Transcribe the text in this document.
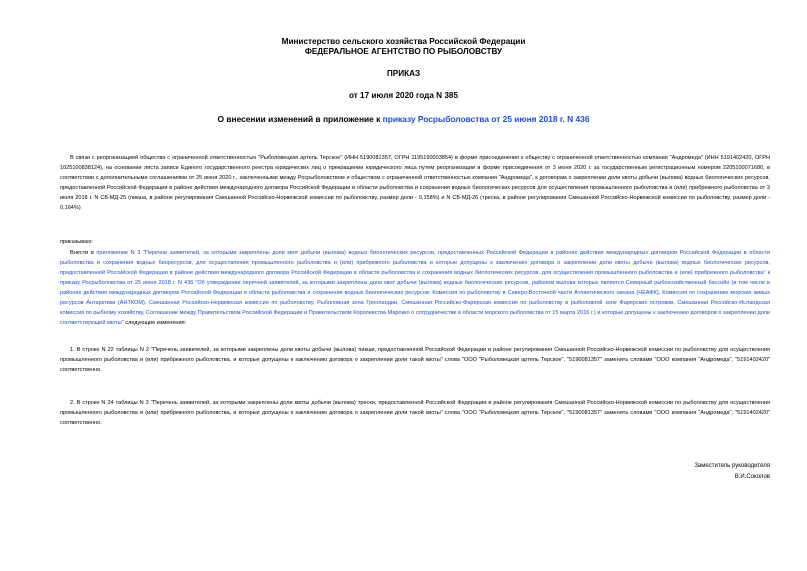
Министерство сельского хозяйства Российской Федерации
ФЕДЕРАЛЬНОЕ АГЕНТСТВО ПО РЫБОЛОВСТВУ
ПРИКАЗ
от 17 июля 2020 года N 385
О внесении изменений в приложение к приказу Росрыболовства от 25 июня 2018 г. N 436
В связи с реорганизацией общества с ограниченной ответственностью "Рыболовецкая артель Терское" (ИНН 5190081357, ОГРН 1195190003854) в форме присоединения к обществу с ограниченной ответственностью компания "Андромеда" (ИНН 5191402420, ОГРН 1025100838124), на основании листа записи Единого государственного реестра юридических лиц о прекращении юридического лица путем реорганизации в форме присоединения от 3 июня 2020 г. за государственным регистрационным номером 2205100071680, в соответствии с дополнительными соглашениями от 25 июня 2020 г., заключенными между Росрыболовством и обществом с ограниченной ответственностью компания "Андромеда", к договорам о закреплении доли квоты добычи (вылова) водных биологических ресурсов, предоставленной Российской Федерации в районе действия международного договора Российской Федерации в области рыболовства и сохранения водных биологических ресурсов для осуществления промышленного рыболовства и (или) прибрежного рыболовства от 3 июля 2018 г. N СБ-МД-25 (пикша, в районе регулирования Смешанной Российско-Норвежской комиссии по рыболовству, размер доли - 0,158%) и N СБ-МД-26 (треска, в районе регулирования Смешанной Российско-Норвежской комиссии по рыболовству, размер доли - 0,164%)
приказываю:
Внести в приложение N 3 "Перечни заявителей, за которыми закреплены доли квот добычи (вылова) водных биологических ресурсов, предоставленных Российской Федерации в районах действия международных договоров Российской Федерации в области рыболовства и сохранения водных биоресурсов, для осуществления промышленного рыболовства и (или) прибрежного рыболовства и которые допущены к заключению договора о закреплении доли квоты добычи (вылова) водных биологических ресурсов, предоставленной Российской Федерации в районе действия международного договора Российской Федерации в области рыболовства и сохранения водных биологических ресурсов, для осуществления промышленного рыболовства и (или) прибрежного рыболовства" к приказу Росрыболовства от 25 июня 2018 г. N 436 "Об утверждении перечней заявителей, за которыми закреплены доли квот добычи (вылова) водных биологических ресурсов, районом вылова которых является Северный рыбохозяйственный бассейн (в том числе в районах действия международных договоров Российской Федерации в области рыболовства и сохранения водных биологических ресурсов: Комиссия по рыболовству в Северо-Восточной части Атлантического океана (НЕАФК), Комиссия по сохранению морских живых ресурсов Антарктики (АНТКОМ), Смешанная Российско-Норвежская комиссия по рыболовству, Рыболовная зона Гренландии, Смешанная Российско-Фарерская комиссия по рыболовству в рыболовной зоне Фарерских островов, Смешанная Российско-Исландская комиссия по рыбному хозяйству, Соглашение между Правительством Российской Федерации и Правительством Королевства Марокко о сотрудничестве в области морского рыболовства от 15 марта 2016 г.) и которые допущены к заключению договоров о закреплении доли соответствующей квоты" следующие изменения:
1. В строке N 22 таблицы N 2 "Перечень заявителей, за которыми закреплены доли квоты добычи (вылова) пикши, предоставленной Российской Федерации в районе регулирования Смешанной Российско-Норвежской комиссии по рыболовству для осуществления промышленного рыболовства и (или) прибрежного рыболовства, и которые допущены к заключению договора о закреплении доли такой квоты" слова "ООО "Рыболовецкая артель Терское", "5190081357" заменить словами "ООО компания "Андромеда", "5191402420" соответственно.
2. В строке N 24 таблицы N 3 "Перечень заявителей, за которыми закреплены доли квоты добычи (вылова) трески, предоставленной Российской Федерации в районе регулирования Смешанной Российско-Норвежской комиссии по рыболовству для осуществления промышленного рыболовства и (или) прибрежного рыболовства, и которые допущены к заключению договора о закреплении доли такой квоты" слова "ООО "Рыболовецкая артель Терское", "5190081357" заменить словами "ООО компания "Андромеда", "5191402420" соответственно.
Заместитель руководителя
В.И.Соколов
